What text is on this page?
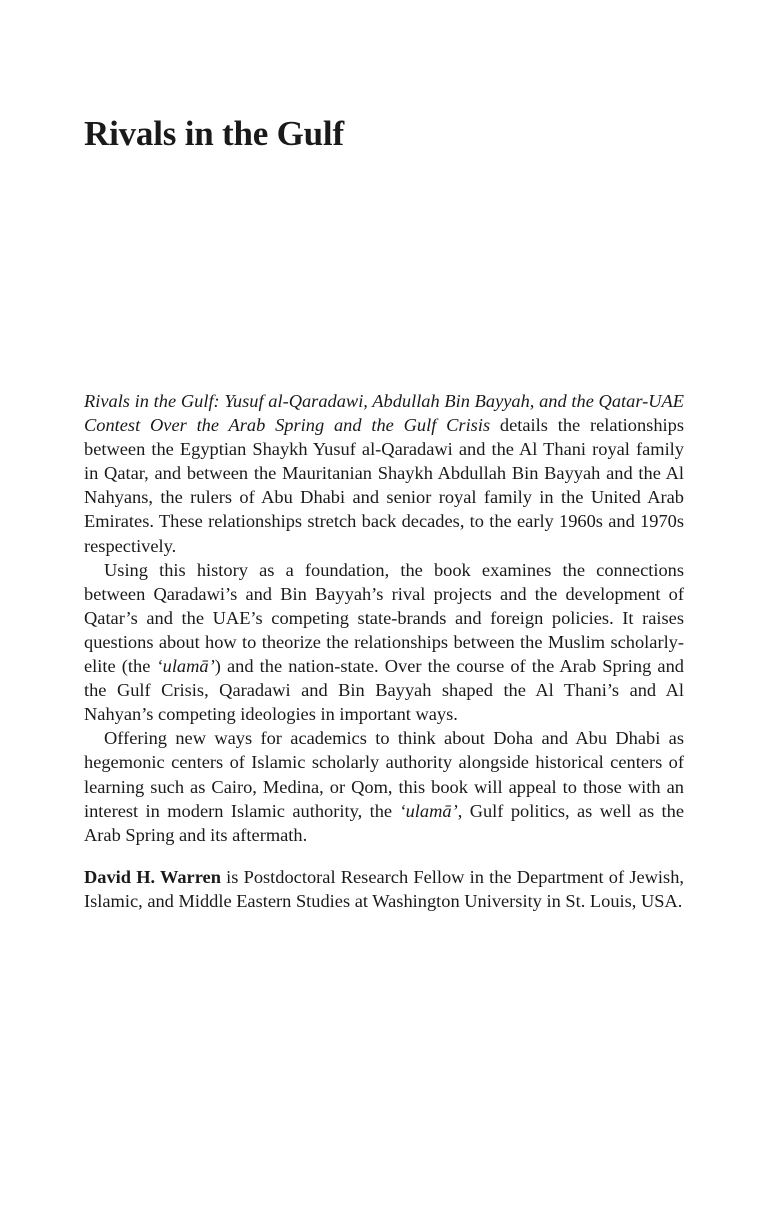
Rivals in the Gulf

Rivals in the Gulf: Yusuf al-Qaradawi, Abdullah Bin Bayyah, and the Qatar-UAE Contest Over the Arab Spring and the Gulf Crisis details the relationships between the Egyptian Shaykh Yusuf al-Qaradawi and the Al Thani royal family in Qatar, and between the Mauritanian Shaykh Abdullah Bin Bayyah and the Al Nahyans, the rulers of Abu Dhabi and senior royal family in the United Arab Emirates. These relationships stretch back decades, to the early 1960s and 1970s respectively.

Using this history as a foundation, the book examines the connections between Qaradawi’s and Bin Bayyah’s rival projects and the development of Qatar’s and the UAE’s competing state-brands and foreign policies. It raises questions about how to theorize the relationships between the Muslim scholarly-elite (the ‘ulamā’) and the nation-state. Over the course of the Arab Spring and the Gulf Crisis, Qaradawi and Bin Bayyah shaped the Al Thani’s and Al Nahyan’s competing ideologies in important ways.

Offering new ways for academics to think about Doha and Abu Dhabi as hegemonic centers of Islamic scholarly authority alongside historical centers of learning such as Cairo, Medina, or Qom, this book will appeal to those with an interest in modern Islamic authority, the ‘ulamā’, Gulf politics, as well as the Arab Spring and its aftermath.

David H. Warren is Postdoctoral Research Fellow in the Department of Jewish, Islamic, and Middle Eastern Studies at Washington University in St. Louis, USA.
